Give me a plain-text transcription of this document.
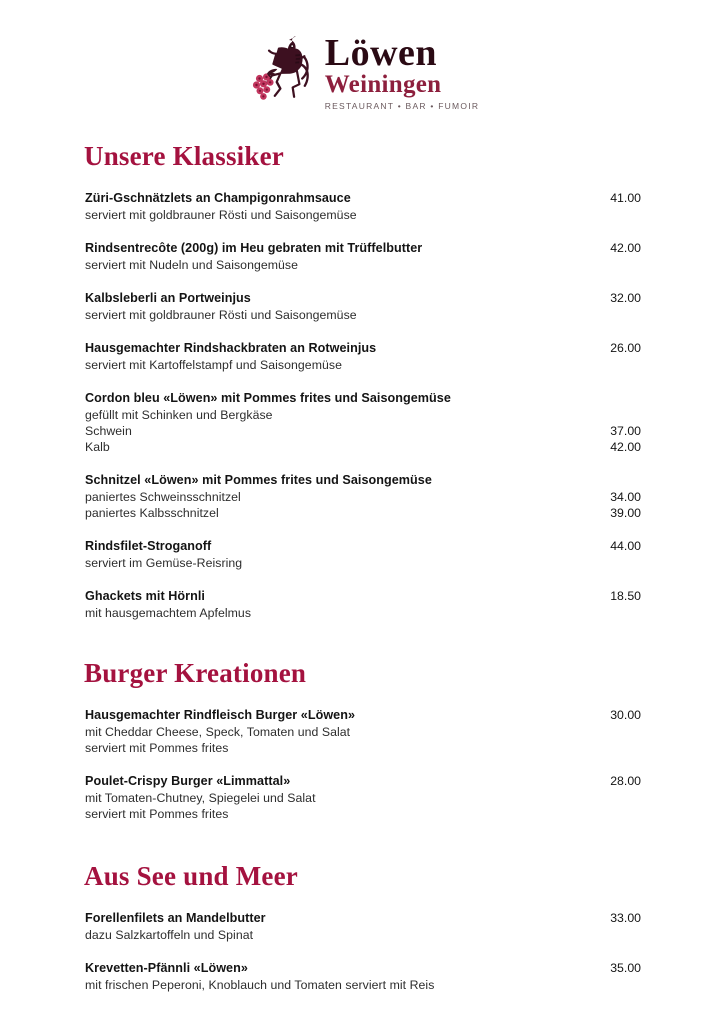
Löwen
Weiningen
RESTAURANT • BAR • FUMOIR
Unsere Klassiker
Züri-Gschnätzlets an Champigonrahmsauce	41.00
serviert mit goldbrauner Rösti und Saisongemüse
Rindsentrecôte (200g) im Heu gebraten mit Trüffelbutter	42.00
serviert mit Nudeln und Saisongemüse
Kalbsleberli an Portweinjus	32.00
serviert mit goldbrauner Rösti und Saisongemüse
Hausgemachter Rindshackbraten an Rotweinjus	26.00
serviert mit Kartoffelstampf und Saisongemüse
Cordon bleu «Löwen» mit Pommes frites und Saisongemüse
gefüllt mit Schinken und Bergkäse
Schwein	37.00
Kalb	42.00
Schnitzel «Löwen» mit Pommes frites und Saisongemüse
paniertes Schweinsschnitzel	34.00
paniertes Kalbsschnitzel	39.00
Rindsfilet-Stroganoff	44.00
serviert im Gemüse-Reisring
Ghackets mit Hörnli	18.50
mit hausgemachtem Apfelmus
Burger Kreationen
Hausgemachter Rindfleisch Burger «Löwen»	30.00
mit Cheddar Cheese, Speck, Tomaten und Salat
serviert mit Pommes frites
Poulet-Crispy Burger «Limmattal»	28.00
mit Tomaten-Chutney, Spiegelei und Salat
serviert mit Pommes frites
Aus See und Meer
Forellenfilets an Mandelbutter	33.00
dazu Salzkartoffeln und Spinat
Krevetten-Pfännli «Löwen»	35.00
mit frischen Peperoni, Knoblauch und Tomaten serviert mit Reis
